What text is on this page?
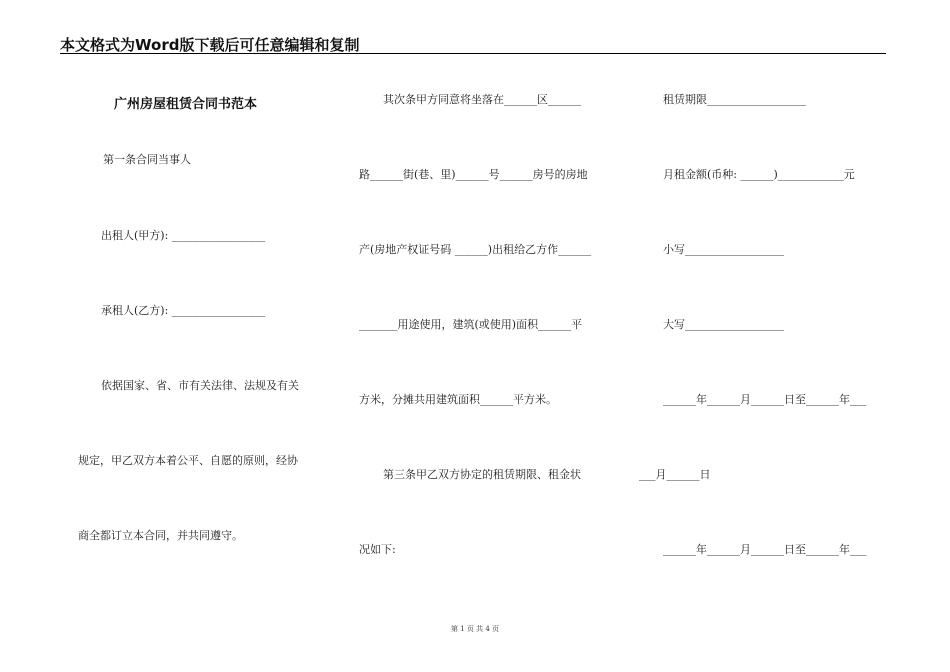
本文格式为Word版下载后可任意编辑和复制
广州房屋租赁合同书范本
第一条合同当事人
出租人(甲方): _________________
承租人(乙方): _________________
依据国家、省、市有关法律、法规及有关
规定，甲乙双方本着公平、自愿的原则，经协
商全都订立本合同，并共同遵守。
其次条甲方同意将坐落在______区______
路______街(巷、里)______号______房号的房地
产(房地产权证号码 ______)出租给乙方作______
_______用途使用，建筑(或使用)面积______平
方米，分摊共用建筑面积______平方米。
第三条甲乙双方协定的租赁期限、租金状
况如下:
租赁期限__________________
月租金额(币种: ______)____________元
小写__________________
大写__________________
______年______月______日至______年___
___月______日
______年______月______日至______年___
第 1 页 共 4 页
